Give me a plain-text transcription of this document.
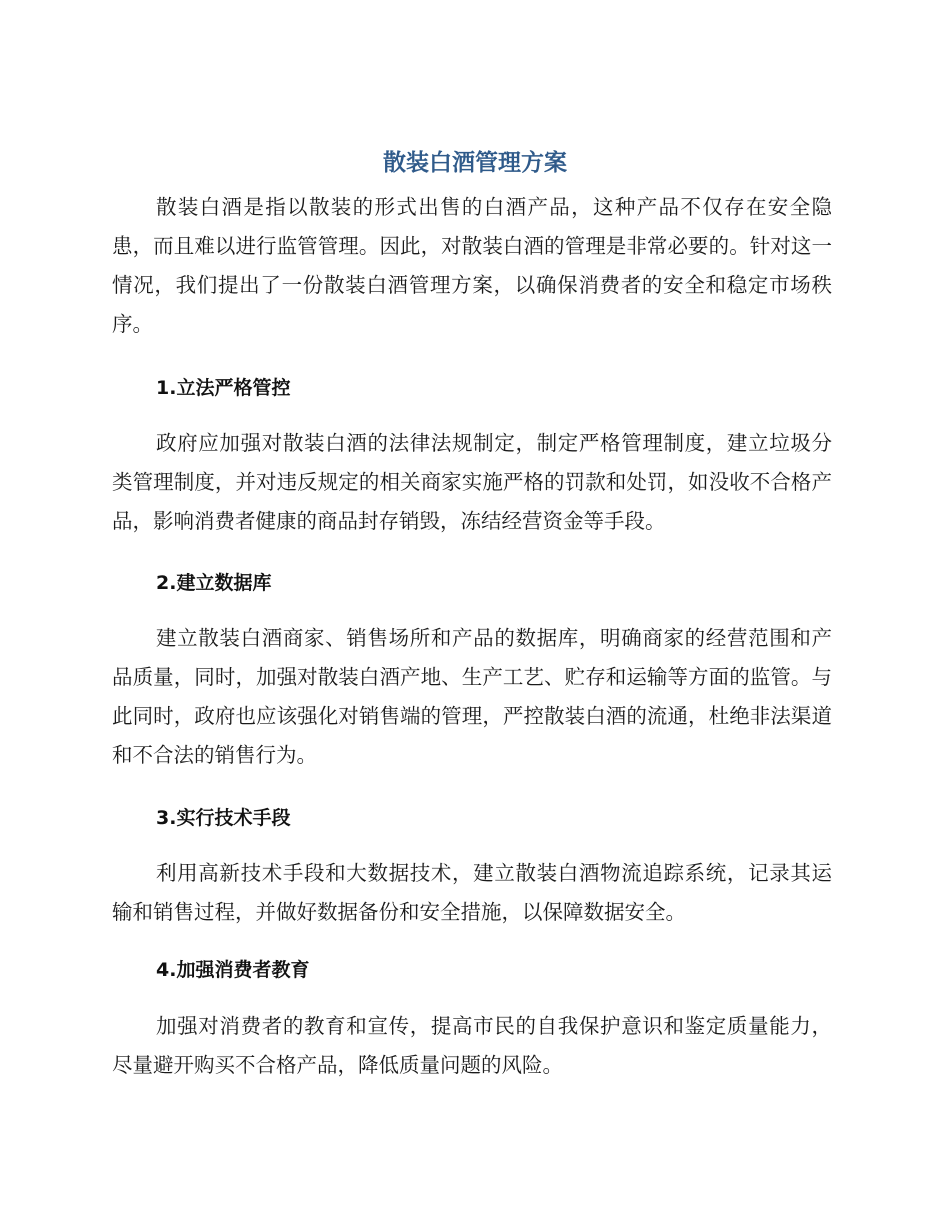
散装白酒管理方案

散装白酒是指以散装的形式出售的白酒产品，这种产品不仅存在安全隐患，而且难以进行监管管理。因此，对散装白酒的管理是非常必要的。针对这一情况，我们提出了一份散装白酒管理方案，以确保消费者的安全和稳定市场秩序。

1.立法严格管控

政府应加强对散装白酒的法律法规制定，制定严格管理制度，建立垃圾分类管理制度，并对违反规定的相关商家实施严格的罚款和处罚，如没收不合格产品，影响消费者健康的商品封存销毁，冻结经营资金等手段。

2.建立数据库

建立散装白酒商家、销售场所和产品的数据库，明确商家的经营范围和产品质量，同时，加强对散装白酒产地、生产工艺、贮存和运输等方面的监管。与此同时，政府也应该强化对销售端的管理，严控散装白酒的流通，杜绝非法渠道和不合法的销售行为。

3.实行技术手段

利用高新技术手段和大数据技术，建立散装白酒物流追踪系统，记录其运输和销售过程，并做好数据备份和安全措施，以保障数据安全。

4.加强消费者教育

加强对消费者的教育和宣传，提高市民的自我保护意识和鉴定质量能力，尽量避开购买不合格产品，降低质量问题的风险。
